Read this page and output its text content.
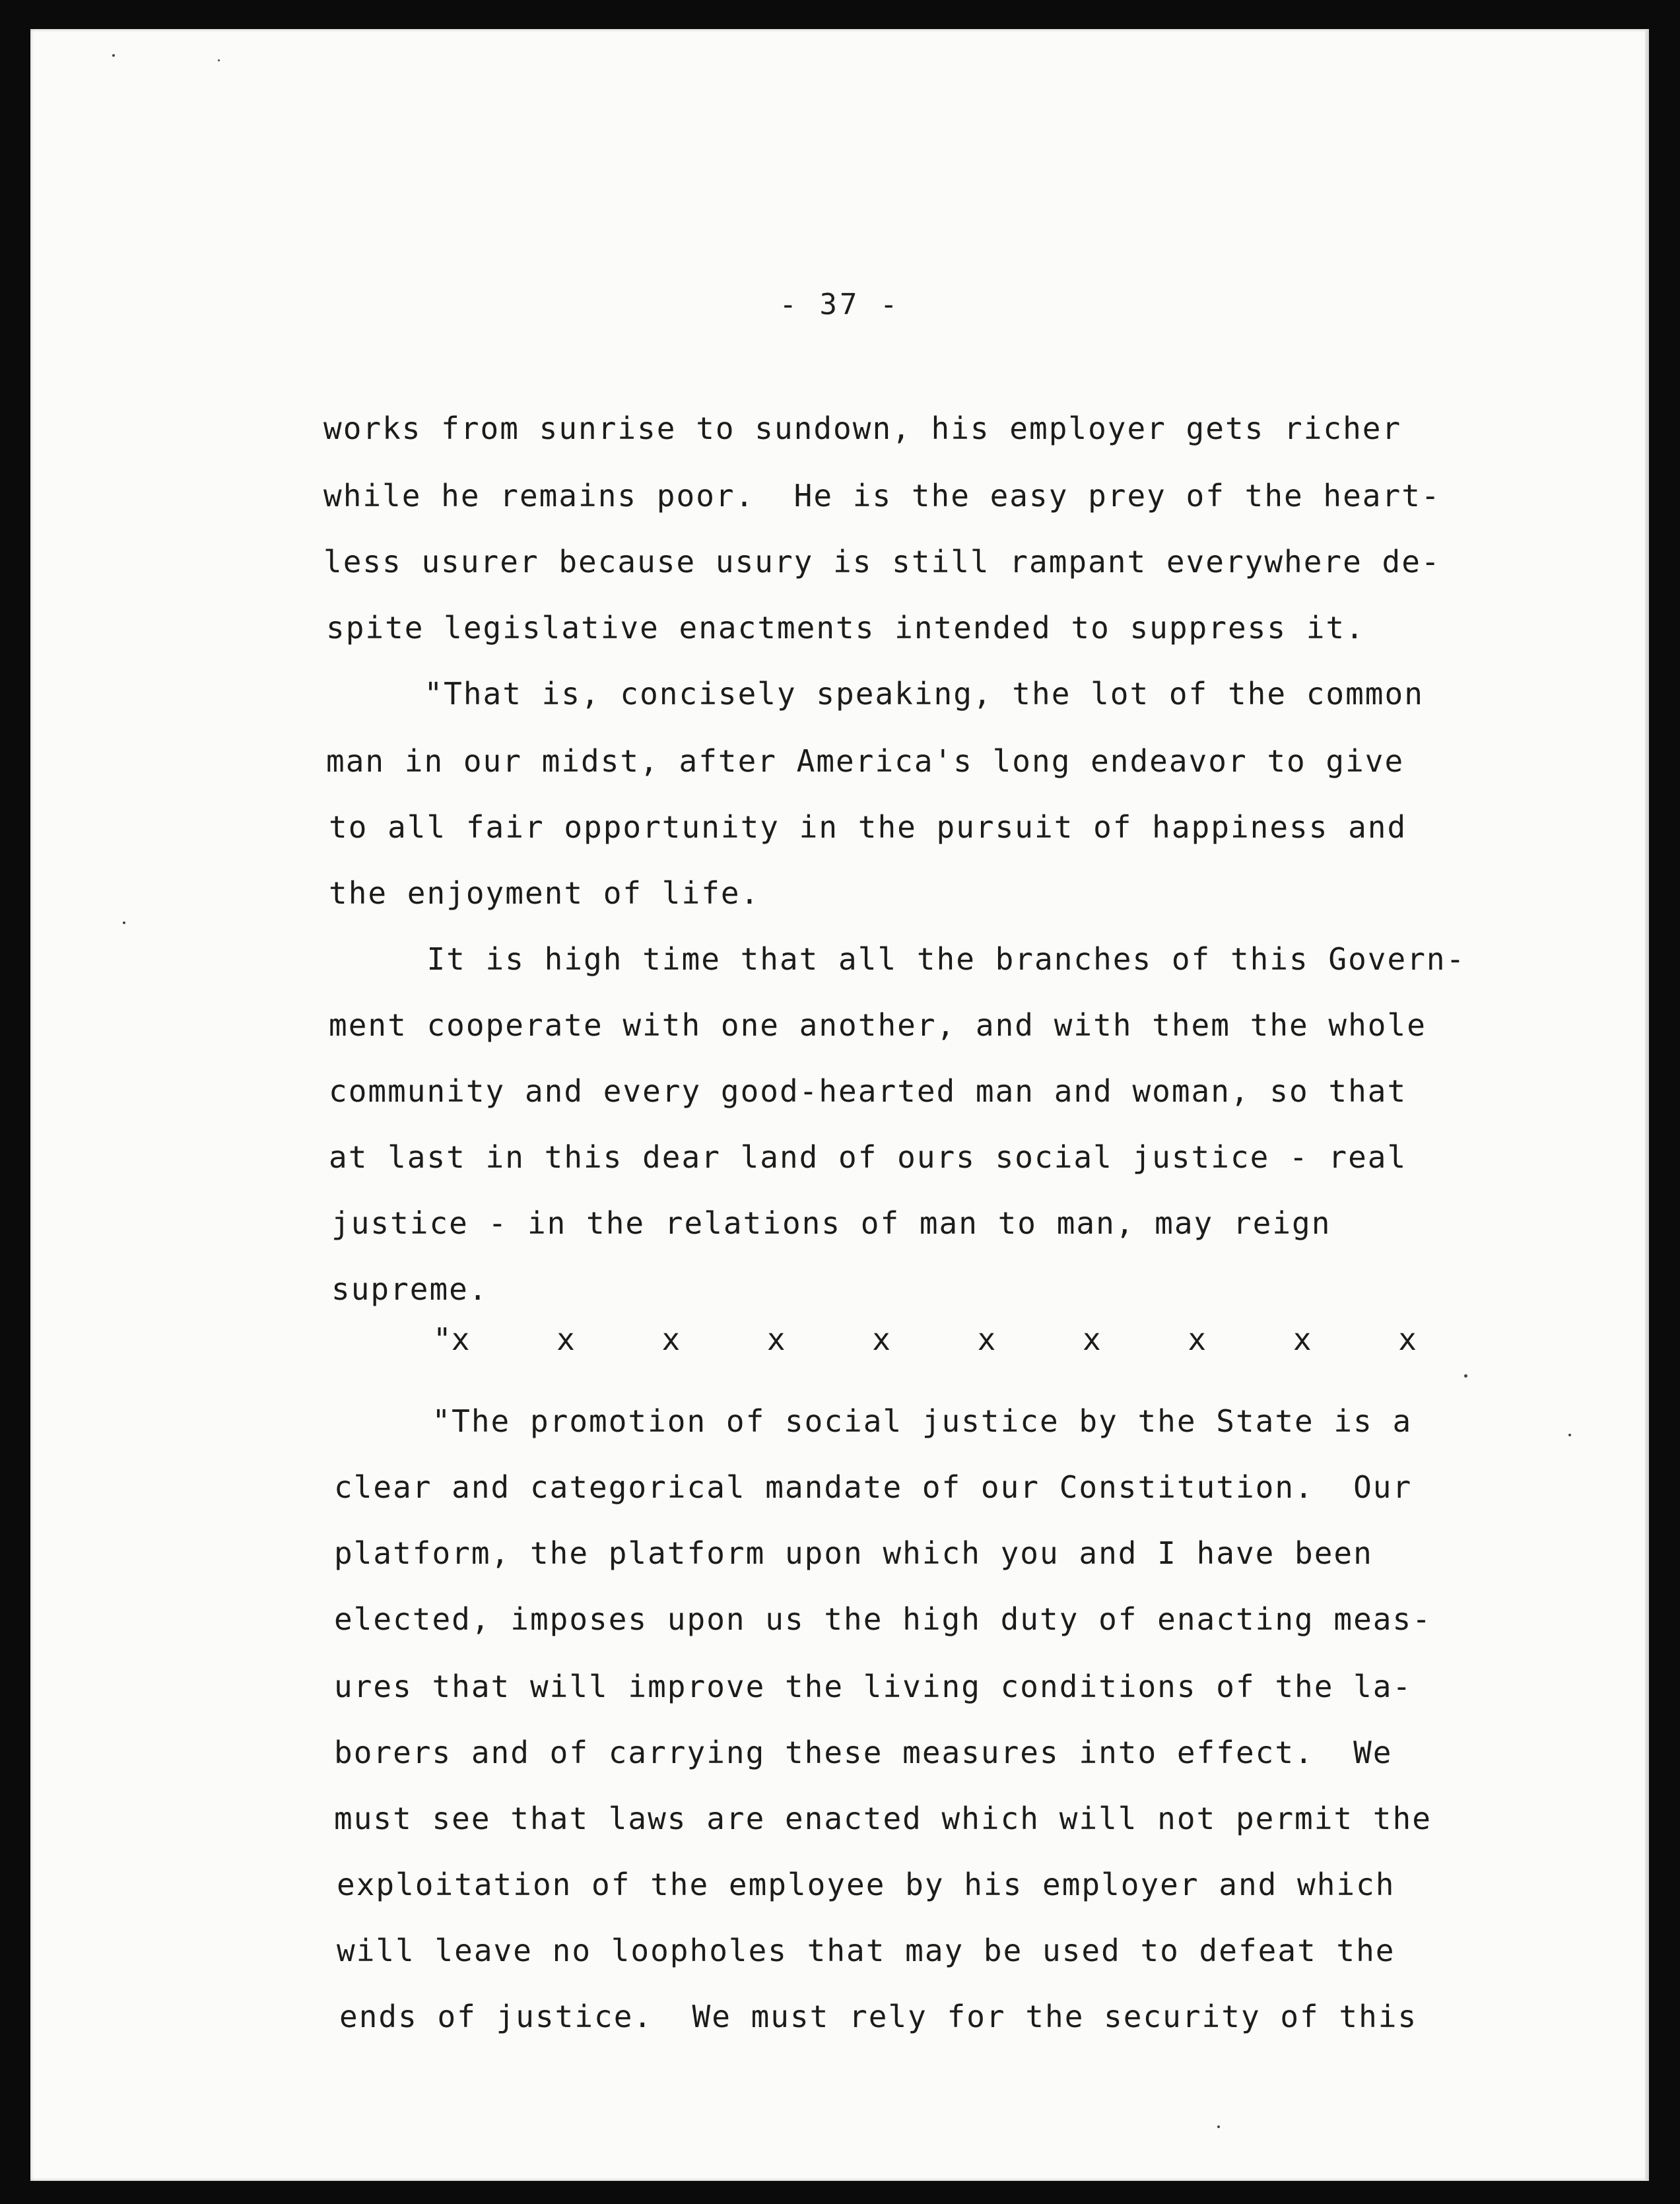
- 37 -
works from sunrise to sundown, his employer gets richer
while he remains poor.  He is the easy prey of the heart-
less usurer because usury is still rampant everywhere de-
spite legislative enactments intended to suppress it.
"That is, concisely speaking, the lot of the common
man in our midst, after America's long endeavor to give
to all fair opportunity in the pursuit of happiness and
the enjoyment of life.
It is high time that all the branches of this Govern-
ment cooperate with one another, and with them the whole
community and every good-hearted man and woman, so that
at last in this dear land of ours social justice - real
justice - in the relations of man to man, may reign
supreme.
"x	x	x	x	x	x	x	x	x	x
"The promotion of social justice by the State is a
clear and categorical mandate of our Constitution.  Our
platform, the platform upon which you and I have been
elected, imposes upon us the high duty of enacting meas-
ures that will improve the living conditions of the la-
borers and of carrying these measures into effect.  We
must see that laws are enacted which will not permit the
exploitation of the employee by his employer and which
will leave no loopholes that may be used to defeat the
ends of justice.  We must rely for the security of this
